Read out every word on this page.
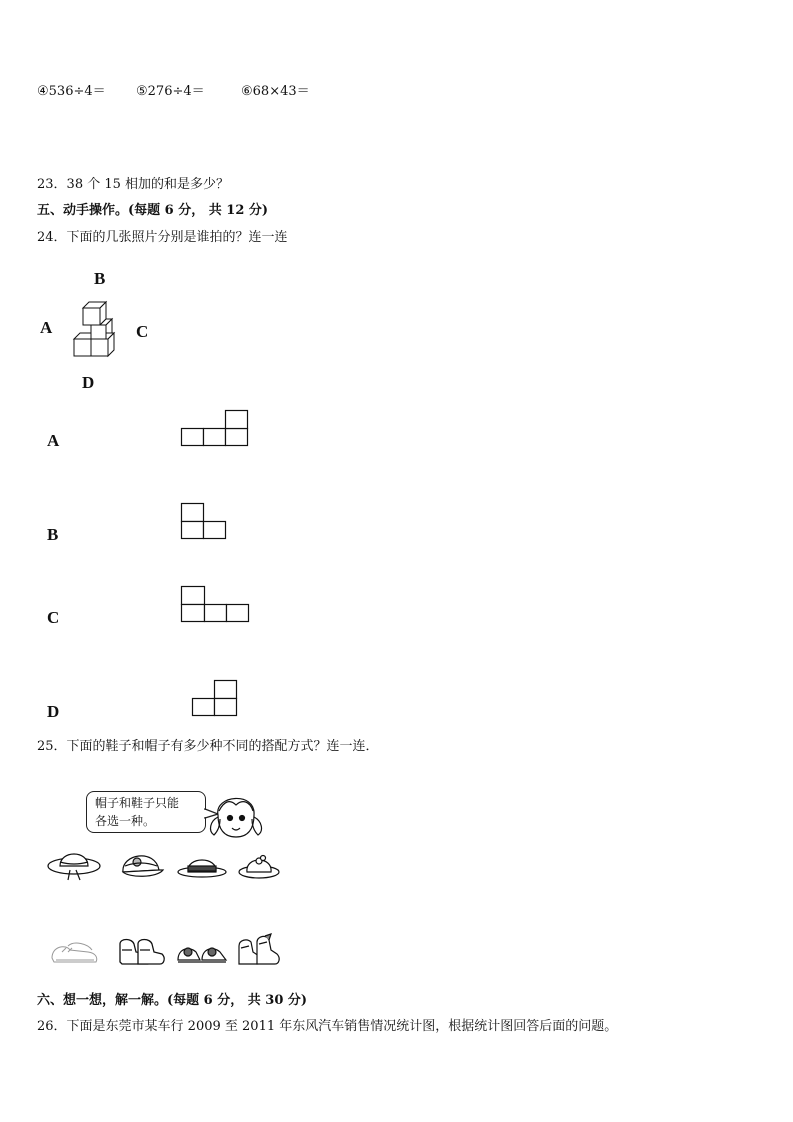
④536÷4＝ ⑤276÷4＝	⑥68×43＝
23．38 个 15 相加的和是多少？
五、动手操作。(每题 6 分， 共 12 分)
24．下面的几张照片分别是谁拍的？连一连
B
A	C
D
A
B
C
D
25．下面的鞋子和帽子有多少种不同的搭配方式？连一连．
帽子和鞋子只能
各选一种。
六、想一想，解一解。(每题 6 分， 共 30 分)
26．下面是东莞市某车行 2009 至 2011 年东风汽车销售情况统计图，根据统计图回答后面的问题。
